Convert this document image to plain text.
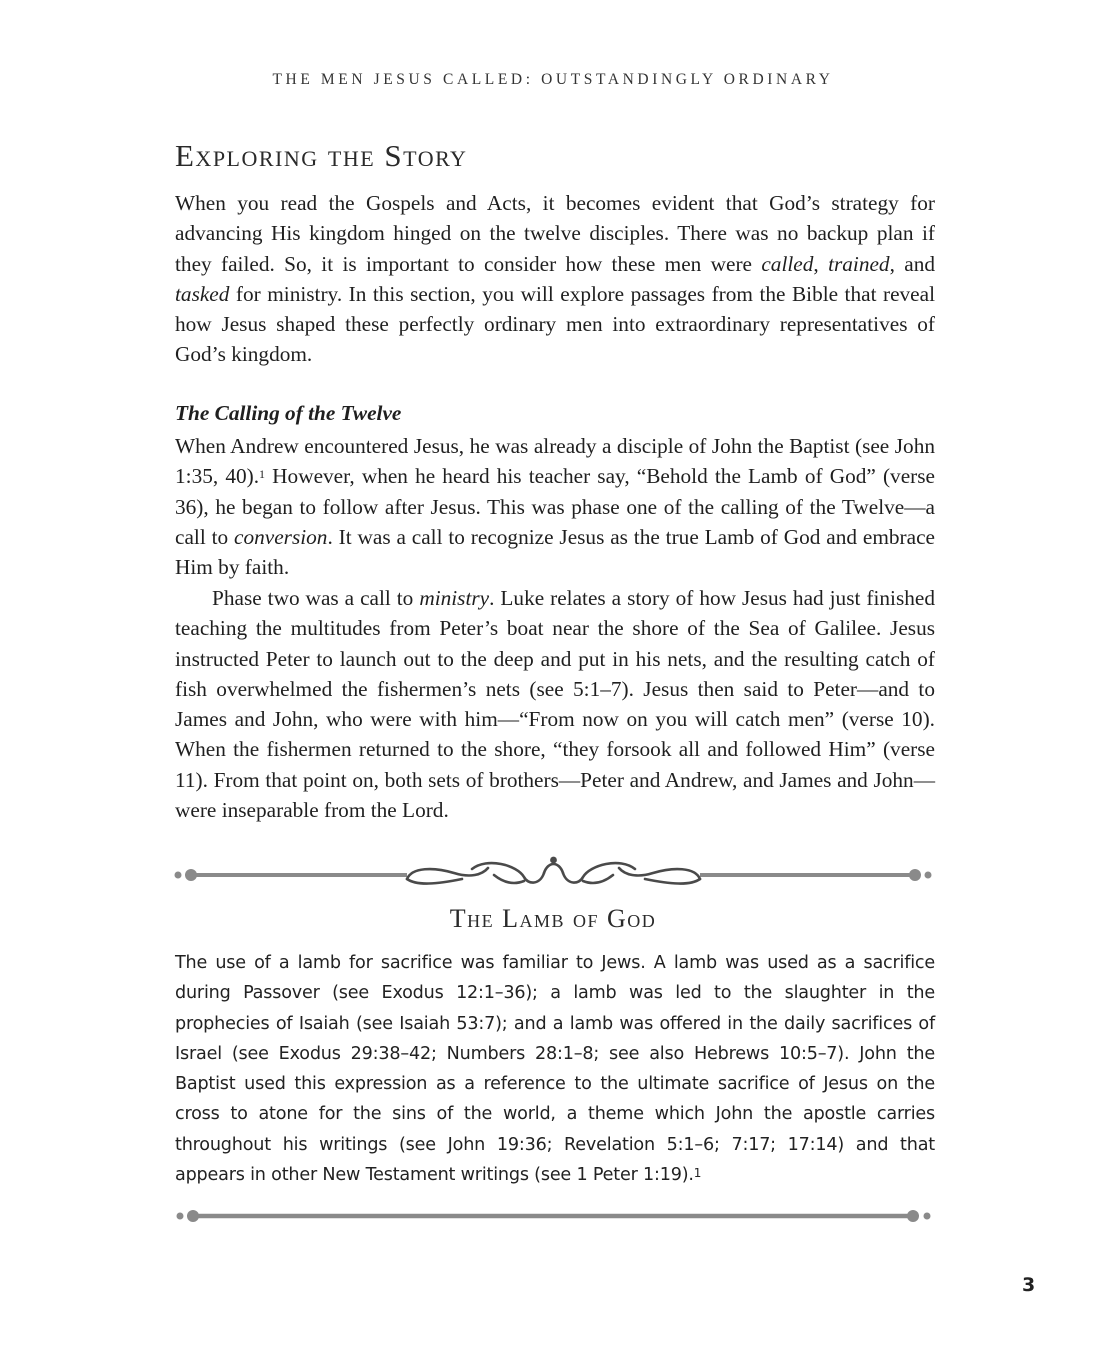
THE MEN JESUS CALLED: OUTSTANDINGLY ORDINARY
Exploring the Story

When you read the Gospels and Acts, it becomes evident that God’s strategy for advancing His kingdom hinged on the twelve disciples. There was no backup plan if they failed. So, it is important to consider how these men were called, trained, and tasked for ministry. In this section, you will explore passages from the Bible that reveal how Jesus shaped these perfectly ordinary men into extraordinary representatives of God’s kingdom.

The Calling of the Twelve

When Andrew encountered Jesus, he was already a disciple of John the Baptist (see John 1:35, 40).$^1$ However, when he heard his teacher say, “Behold the Lamb of God” (verse 36), he began to follow after Jesus. This was phase one of the calling of the Twelve—a call to conversion. It was a call to recognize Jesus as the true Lamb of God and embrace Him by faith.

Phase two was a call to ministry. Luke relates a story of how Jesus had just finished teaching the multitudes from Peter’s boat near the shore of the Sea of Galilee. Jesus instructed Peter to launch out to the deep and put in his nets, and the resulting catch of fish overwhelmed the fishermen’s nets (see 5:1–7). Jesus then said to Peter—and to James and John, who were with him—“From now on you will catch men” (verse 10). When the fishermen returned to the shore, “they forsook all and followed Him” (verse 11). From that point on, both sets of brothers—Peter and Andrew, and James and John—were inseparable from the Lord.

The Lamb of God

The use of a lamb for sacrifice was familiar to Jews. A lamb was used as a sacrifice during Passover (see Exodus 12:1–36); a lamb was led to the slaughter in the prophecies of Isaiah (see Isaiah 53:7); and a lamb was offered in the daily sacrifices of Israel (see Exodus 29:38–42; Numbers 28:1–8; see also Hebrews 10:5–7). John the Baptist used this expression as a reference to the ultimate sacrifice of Jesus on the cross to atone for the sins of the world, a theme which John the apostle carries throughout his writings (see John 19:36; Revelation 5:1–6; 7:17; 17:14) and that appears in other New Testament writings (see 1 Peter 1:19).$^1$

3
